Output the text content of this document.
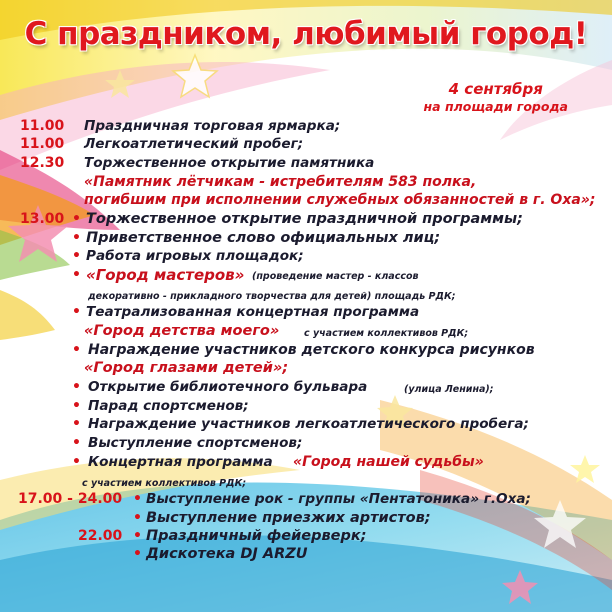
С праздником, любимый город!
4 сентября
на площади города
11.00 Праздничная торговая ярмарка;
11.00 Легкоатлетический пробег;
12.30 Торжественное открытие памятника
«Памятник лётчикам - истребителям 583 полка,
погибшим при исполнении служебных обязанностей в г. Оха»;
13.00 • Торжественное открытие праздничной программы;
• Приветственное слово официальных лиц;
• Работа игровых площадок;
• «Город мастеров» (проведение мастер - классов
декоративно - прикладного творчества для детей) площадь РДК;
• Театрализованная концертная программа
«Город детства моего»	с участием коллективов РДК;
• Награждение участников детского конкурса рисунков
«Город глазами детей»;
• Открытие библиотечного бульвара	(улица Ленина);
• Парад спортсменов;
• Награждение участников легкоатлетического пробега;
• Выступление спортсменов;
• Концертная программа «Город нашей судьбы»
с участием коллективов РДК;
17.00 - 24.00 • Выступление рок - группы «Пентатоника» г.Оха;
• Выступление приезжих артистов;
22.00 • Праздничный фейерверк;
• Дискотека DJ ARZU
